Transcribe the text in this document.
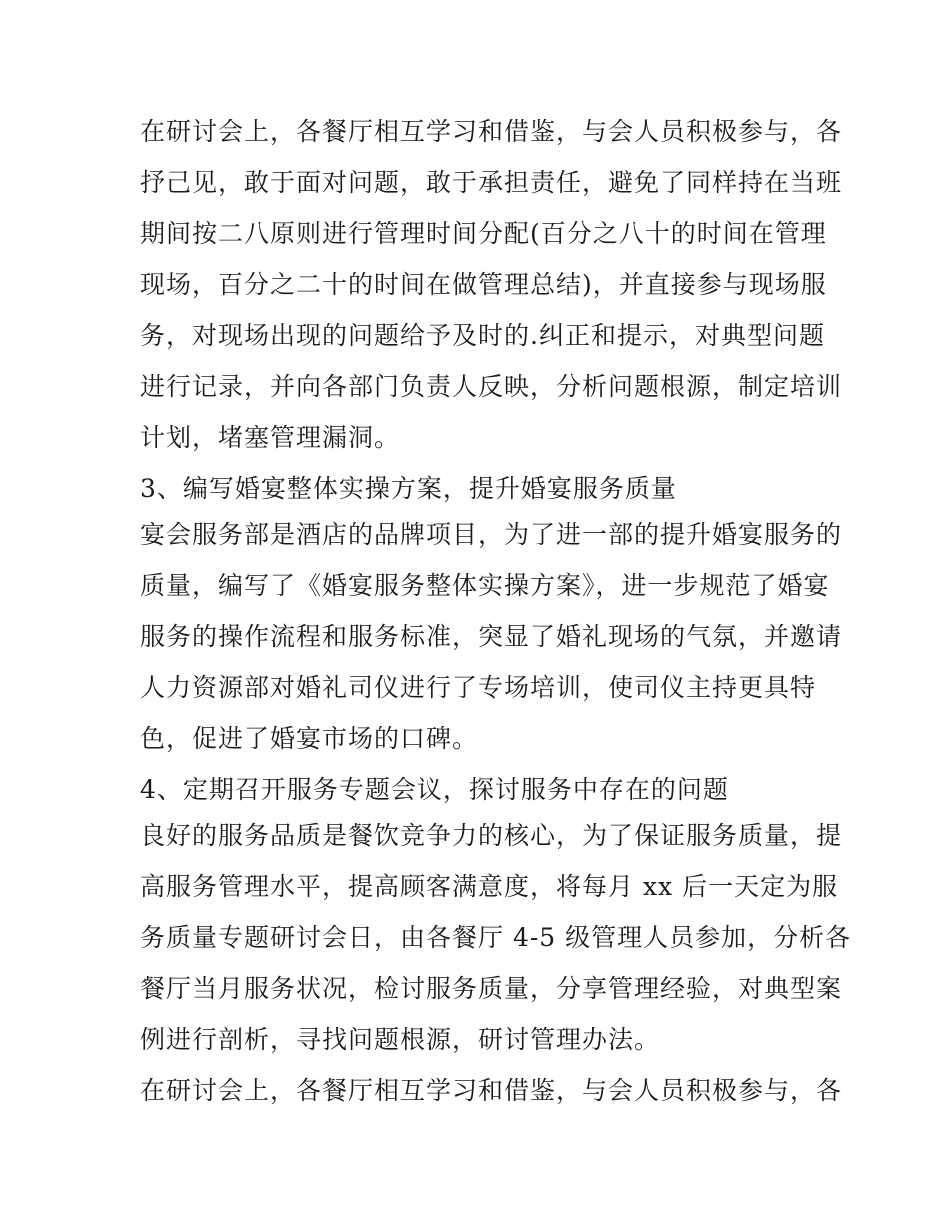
在研讨会上，各餐厅相互学习和借鉴，与会人员积极参与，各
抒己见，敢于面对问题，敢于承担责任，避免了同样持在当班
期间按二八原则进行管理时间分配(百分之八十的时间在管理
现场，百分之二十的时间在做管理总结)，并直接参与现场服
务，对现场出现的问题给予及时的.纠正和提示，对典型问题
进行记录，并向各部门负责人反映，分析问题根源，制定培训
计划，堵塞管理漏洞。

3、编写婚宴整体实操方案，提升婚宴服务质量

宴会服务部是酒店的品牌项目，为了进一部的提升婚宴服务的
质量，编写了《婚宴服务整体实操方案》，进一步规范了婚宴
服务的操作流程和服务标准，突显了婚礼现场的气氛，并邀请
人力资源部对婚礼司仪进行了专场培训，使司仪主持更具特
色，促进了婚宴市场的口碑。

4、定期召开服务专题会议，探讨服务中存在的问题

良好的服务品质是餐饮竞争力的核心，为了保证服务质量，提
高服务管理水平，提高顾客满意度，将每月 xx 后一天定为服
务质量专题研讨会日，由各餐厅 4-5 级管理人员参加，分析各
餐厅当月服务状况，检讨服务质量，分享管理经验，对典型案
例进行剖析，寻找问题根源，研讨管理办法。

在研讨会上，各餐厅相互学习和借鉴，与会人员积极参与，各
